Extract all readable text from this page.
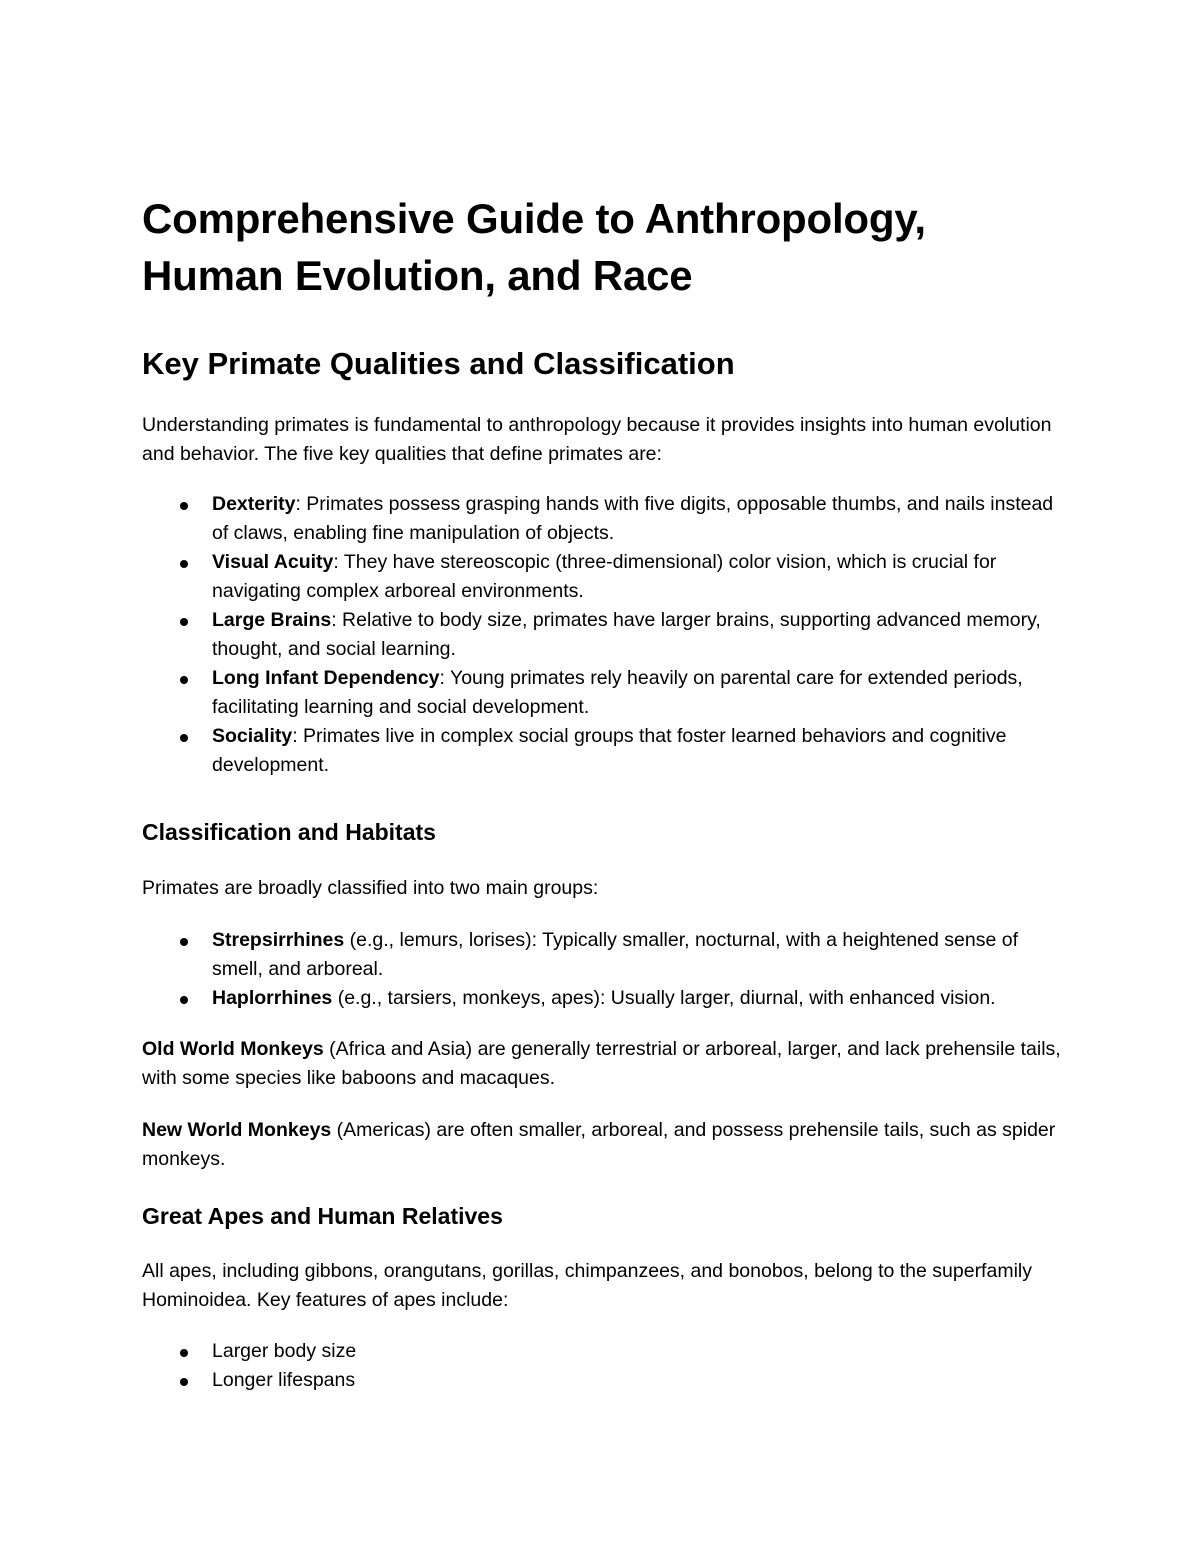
Comprehensive Guide to Anthropology, Human Evolution, and Race
Key Primate Qualities and Classification

Understanding primates is fundamental to anthropology because it provides insights into human evolution and behavior. The five key qualities that define primates are:

Dexterity: Primates possess grasping hands with five digits, opposable thumbs, and nails instead of claws, enabling fine manipulation of objects.
Visual Acuity: They have stereoscopic (three-dimensional) color vision, which is crucial for navigating complex arboreal environments.
Large Brains: Relative to body size, primates have larger brains, supporting advanced memory, thought, and social learning.
Long Infant Dependency: Young primates rely heavily on parental care for extended periods, facilitating learning and social development.
Sociality: Primates live in complex social groups that foster learned behaviors and cognitive development.
Classification and Habitats

Primates are broadly classified into two main groups:

Strepsirrhines (e.g., lemurs, lorises): Typically smaller, nocturnal, with a heightened sense of smell, and arboreal.
Haplorrhines (e.g., tarsiers, monkeys, apes): Usually larger, diurnal, with enhanced vision.

Old World Monkeys (Africa and Asia) are generally terrestrial or arboreal, larger, and lack prehensile tails, with some species like baboons and macaques.

New World Monkeys (Americas) are often smaller, arboreal, and possess prehensile tails, such as spider monkeys.

Great Apes and Human Relatives

All apes, including gibbons, orangutans, gorillas, chimpanzees, and bonobos, belong to the superfamily Hominoidea. Key features of apes include:

Larger body size
Longer lifespans
